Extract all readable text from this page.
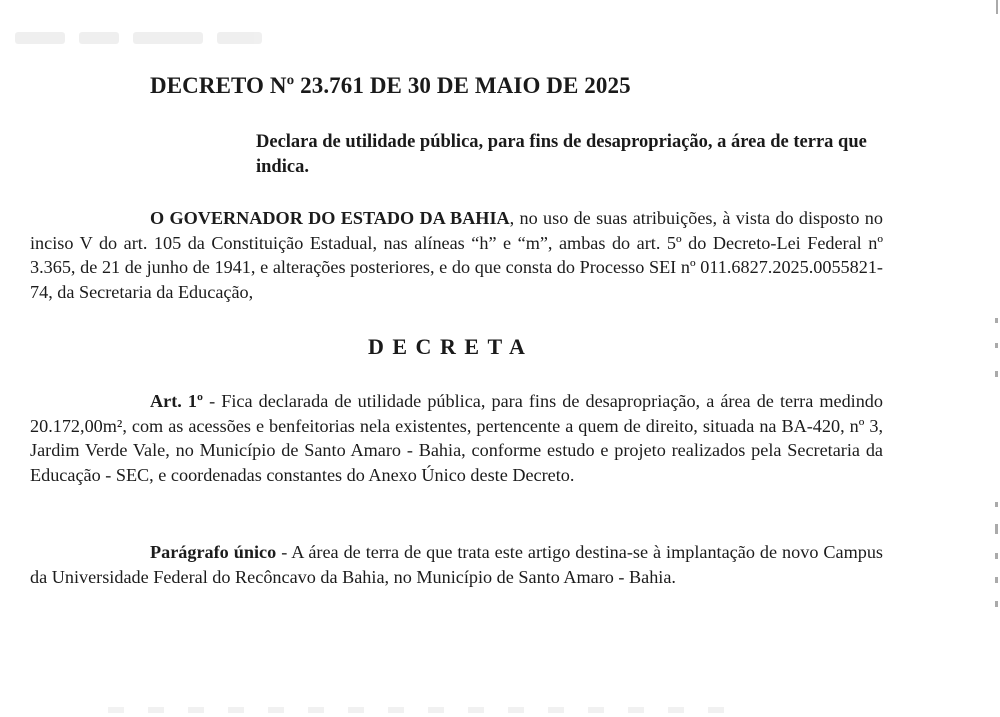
DECRETO Nº 23.761 DE 30 DE MAIO DE 2025
Declara de utilidade pública, para fins de desapropriação, a área de terra que indica.
O GOVERNADOR DO ESTADO DA BAHIA, no uso de suas atribuições, à vista do disposto no inciso V do art. 105 da Constituição Estadual, nas alíneas “h” e “m”, ambas do art. 5º do Decreto-Lei Federal nº 3.365, de 21 de junho de 1941, e alterações posteriores, e do que consta do Processo SEI nº 011.6827.2025.0055821-74, da Secretaria da Educação,
DECRETA
Art. 1º - Fica declarada de utilidade pública, para fins de desapropriação, a área de terra medindo 20.172,00m², com as acessões e benfeitorias nela existentes, pertencente a quem de direito, situada na BA-420, nº 3, Jardim Verde Vale, no Município de Santo Amaro - Bahia, conforme estudo e projeto realizados pela Secretaria da Educação - SEC, e coordenadas constantes do Anexo Único deste Decreto.
Parágrafo único - A área de terra de que trata este artigo destina-se à implantação de novo Campus da Universidade Federal do Recôncavo da Bahia, no Município de Santo Amaro - Bahia.
